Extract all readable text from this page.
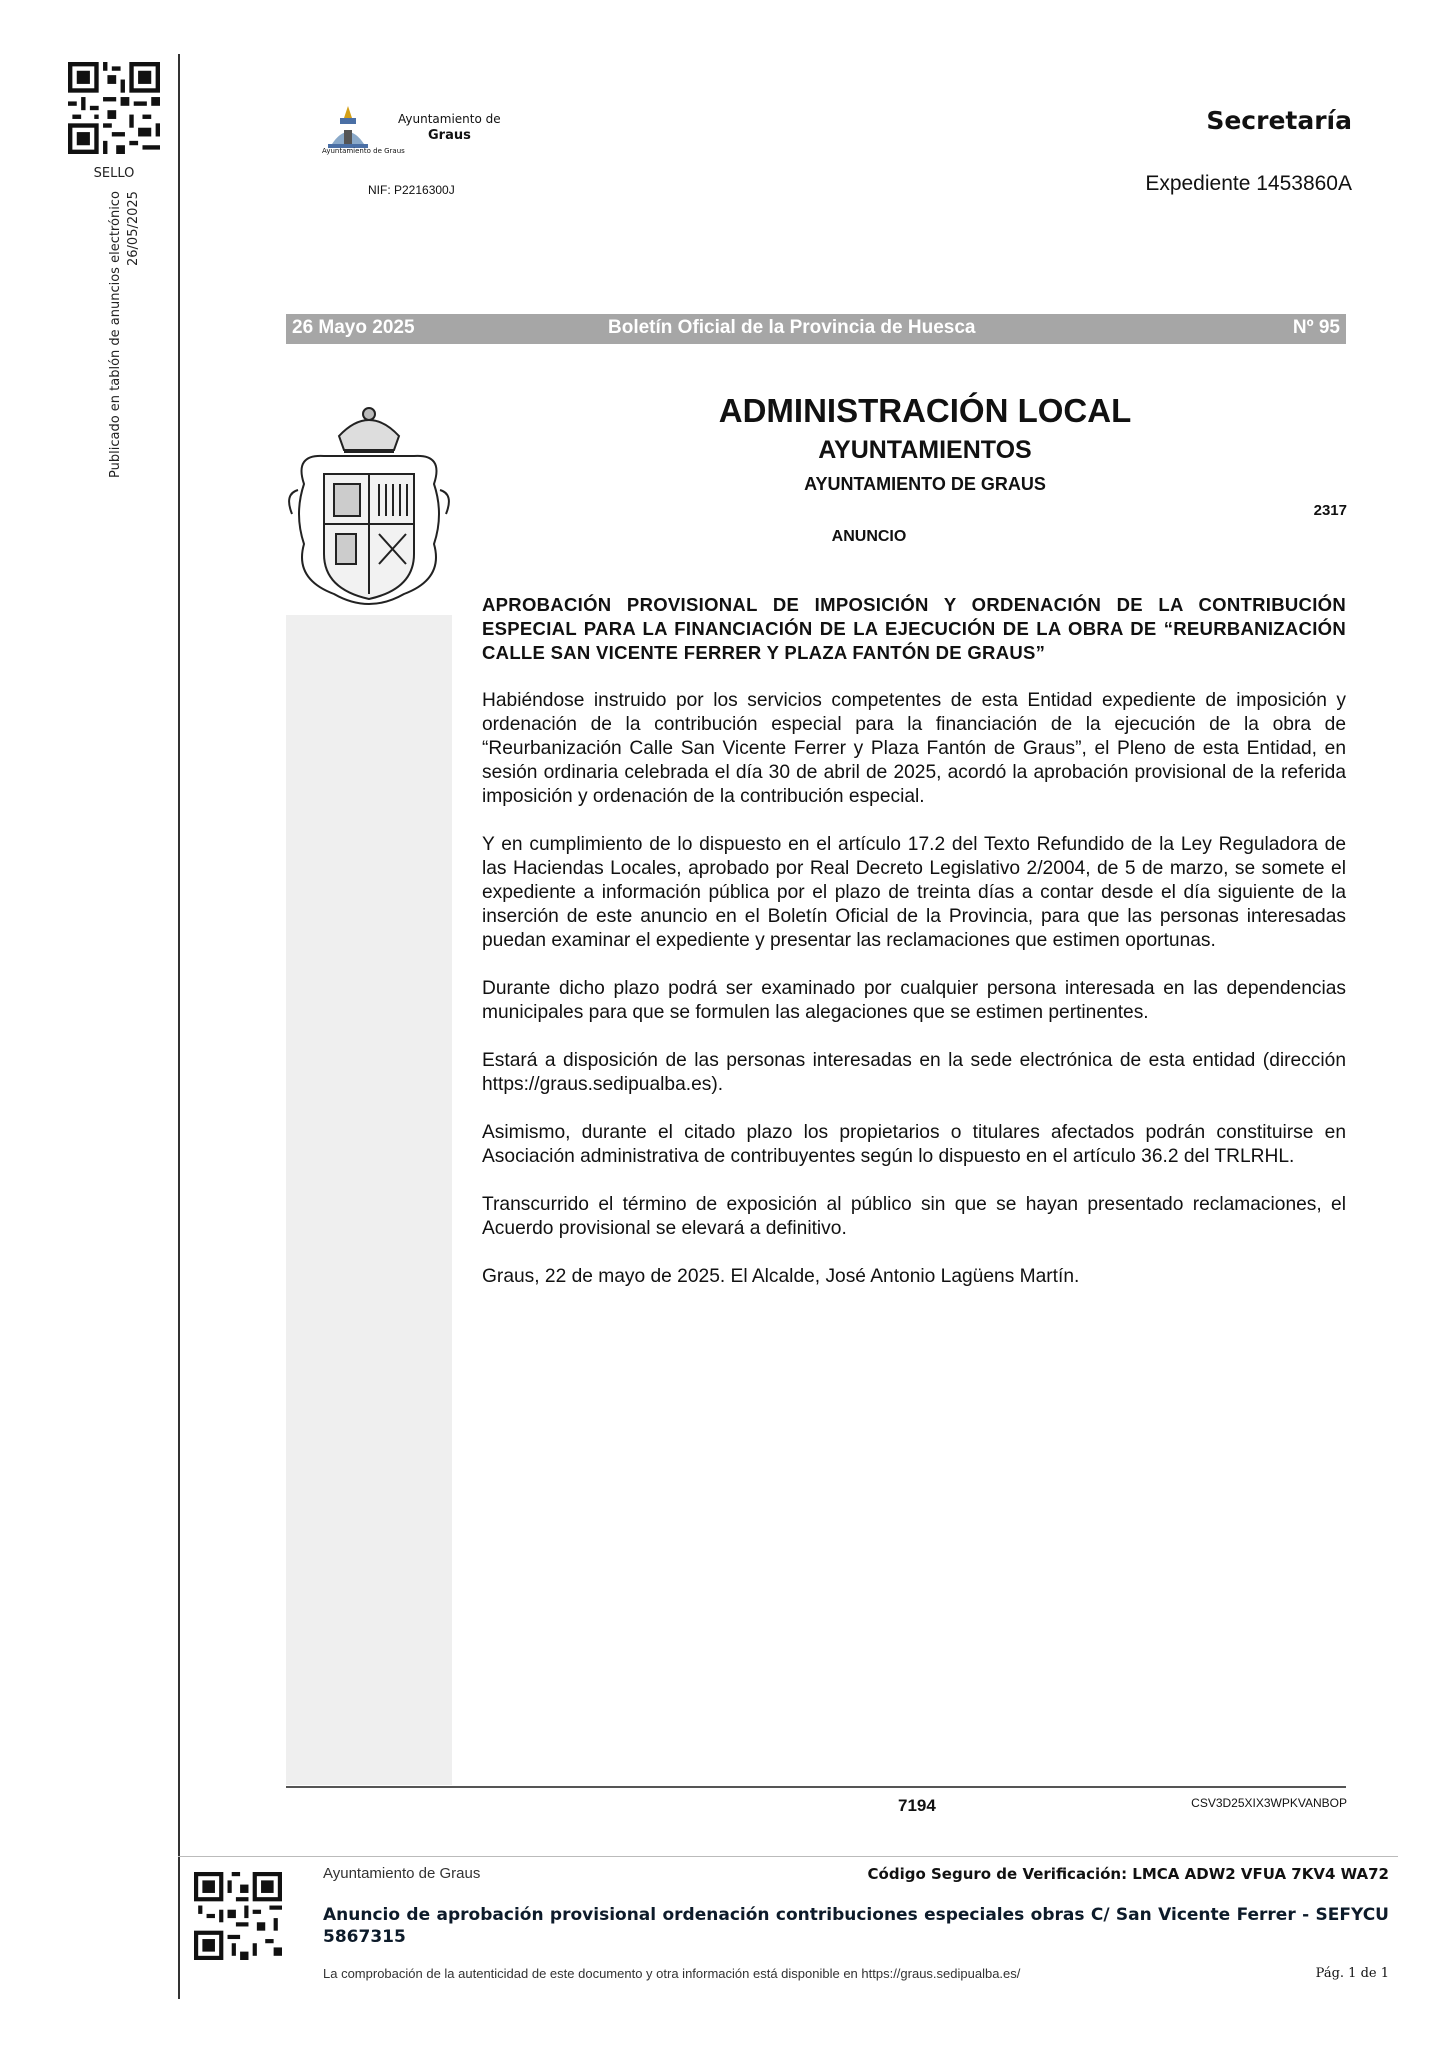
SELLO
Publicado en tablón de anuncios electrónico 26/05/2025
Ayuntamiento de
Graus
Ayuntamiento de Graus
NIF: P2216300J
Secretaría
Expediente 1453860A
26 Mayo 2025	Boletín Oficial de la Provincia de Huesca	Nº 95
ADMINISTRACIÓN LOCAL
AYUNTAMIENTOS
AYUNTAMIENTO DE GRAUS
2317
ANUNCIO

APROBACIÓN PROVISIONAL DE IMPOSICIÓN Y ORDENACIÓN DE LA CONTRIBUCIÓN ESPECIAL PARA LA FINANCIACIÓN DE LA EJECUCIÓN DE LA OBRA DE “REURBANIZACIÓN CALLE SAN VICENTE FERRER Y PLAZA FANTÓN DE GRAUS”

Habiéndose instruido por los servicios competentes de esta Entidad expediente de imposición y ordenación de la contribución especial para la financiación de la ejecución de la obra de “Reurbanización Calle San Vicente Ferrer y Plaza Fantón de Graus”, el Pleno de esta Entidad, en sesión ordinaria celebrada el día 30 de abril de 2025, acordó la aprobación provisional de la referida imposición y ordenación de la contribución especial.

Y en cumplimiento de lo dispuesto en el artículo 17.2 del Texto Refundido de la Ley Reguladora de las Haciendas Locales, aprobado por Real Decreto Legislativo 2/2004, de 5 de marzo, se somete el expediente a información pública por el plazo de treinta días a contar desde el día siguiente de la inserción de este anuncio en el Boletín Oficial de la Provincia, para que las personas interesadas puedan examinar el expediente y presentar las reclamaciones que estimen oportunas.

Durante dicho plazo podrá ser examinado por cualquier persona interesada en las dependencias municipales para que se formulen las alegaciones que se estimen pertinentes.

Estará a disposición de las personas interesadas en la sede electrónica de esta entidad (dirección https://graus.sedipualba.es).

Asimismo, durante el citado plazo los propietarios o titulares afectados podrán constituirse en Asociación administrativa de contribuyentes según lo dispuesto en el artículo 36.2 del TRLRHL.

Transcurrido el término de exposición al público sin que se hayan presentado reclamaciones, el Acuerdo provisional se elevará a definitivo.

Graus, 22 de mayo de 2025. El Alcalde, José Antonio Lagüens Martín.

7194	CSV3D25XIX3WPKVANBOP
Ayuntamiento de Graus	Código Seguro de Verificación: LMCA ADW2 VFUA 7KV4 WA72
Anuncio de aprobación provisional ordenación contribuciones especiales obras C/ San Vicente Ferrer - SEFYCU 5867315
La comprobación de la autenticidad de este documento y otra información está disponible en https://graus.sedipualba.es/	Pág. 1 de 1
